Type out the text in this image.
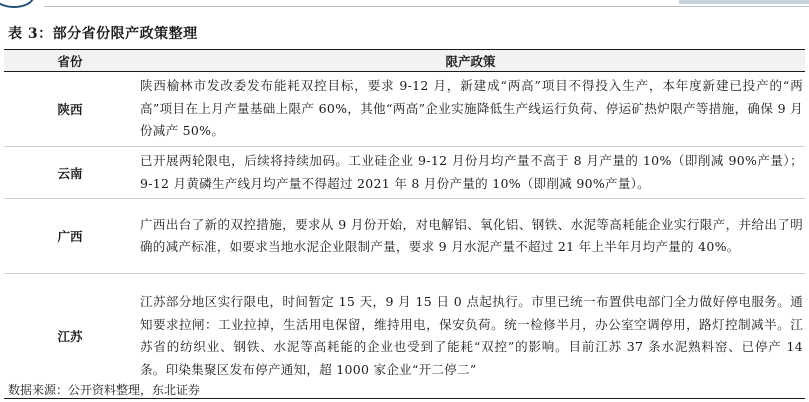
表 3：部分省份限产政策整理
省份	限产政策
陕西	陕西榆林市发改委发布能耗双控目标，要求 9-12 月，新建成“两高”项目不得投入生产，本年度新建已投产的“两高”项目在上月产量基础上限产 60%，其他“两高”企业实施降低生产线运行负荷、停运矿热炉限产等措施，确保 9 月份减产 50%。
云南	已开展两轮限电，后续将持续加码。工业硅企业 9-12 月份月均产量不高于 8 月产量的 10%（即削减 90%产量）；9-12 月黄磷生产线月均产量不得超过 2021 年 8 月份产量的 10%（即削减 90%产量）。
广西	广西出台了新的双控措施，要求从 9 月份开始，对电解铝、氧化铝、钢铁、水泥等高耗能企业实行限产，并给出了明确的减产标准，如要求当地水泥企业限制产量，要求 9 月水泥产量不超过 21 年上半年月均产量的 40%。
江苏	江苏部分地区实行限电，时间暂定 15 天，9 月 15 日 0 点起执行。市里已统一布置供电部门全力做好停电服务。通知要求拉闸：工业拉掉，生活用电保留，维持用电，保安负荷。统一检修半月，办公室空调停用，路灯控制减半。江苏省的纺织业、钢铁、水泥等高耗能的企业也受到了能耗“双控”的影响。目前江苏 37 条水泥熟料窑、已停产 14 条。印染集聚区发布停产通知，超 1000 家企业“开二停二”
数据来源：公开资料整理，东北证券
